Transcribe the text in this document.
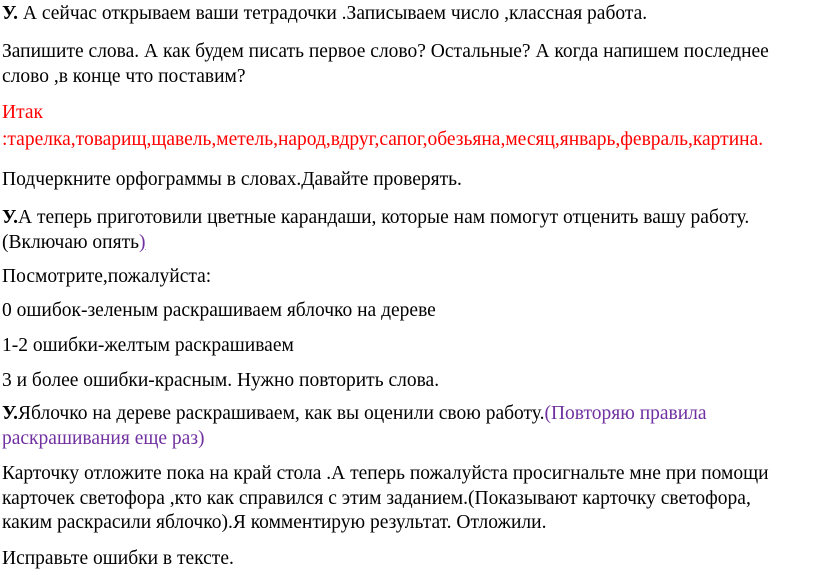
У. А сейчас открываем ваши тетрадочки .Записываем число ,классная работа.
Запишите слова. А как будем писать первое слово? Остальные? А когда напишем последнее
слово ,в конце что поставим?
Итак
:тарелка,товарищ,щавель,метель,народ,вдруг,сапог,обезьяна,месяц,январь,февраль,картина.
Подчеркните орфограммы в словах.Давайте проверять.
У.А теперь приготовили цветные карандаши, которые нам помогут отценить вашу работу.
(Включаю опять)
Посмотрите,пожалуйста:
0 ошибок-зеленым раскрашиваем яблочко на дереве
1-2 ошибки-желтым раскрашиваем
3 и более ошибки-красным. Нужно повторить слова.
У.Яблочко на дереве раскрашиваем, как вы оценили свою работу.(Повторяю правила
раскрашивания еще раз)
Карточку отложите пока на край стола .А теперь пожалуйста просигнальте мне при помощи
карточек светофора ,кто как справился с этим заданием.(Показывают карточку светофора,
каким раскрасили яблочко).Я комментирую результат. Отложили.
Исправьте ошибки в тексте.
